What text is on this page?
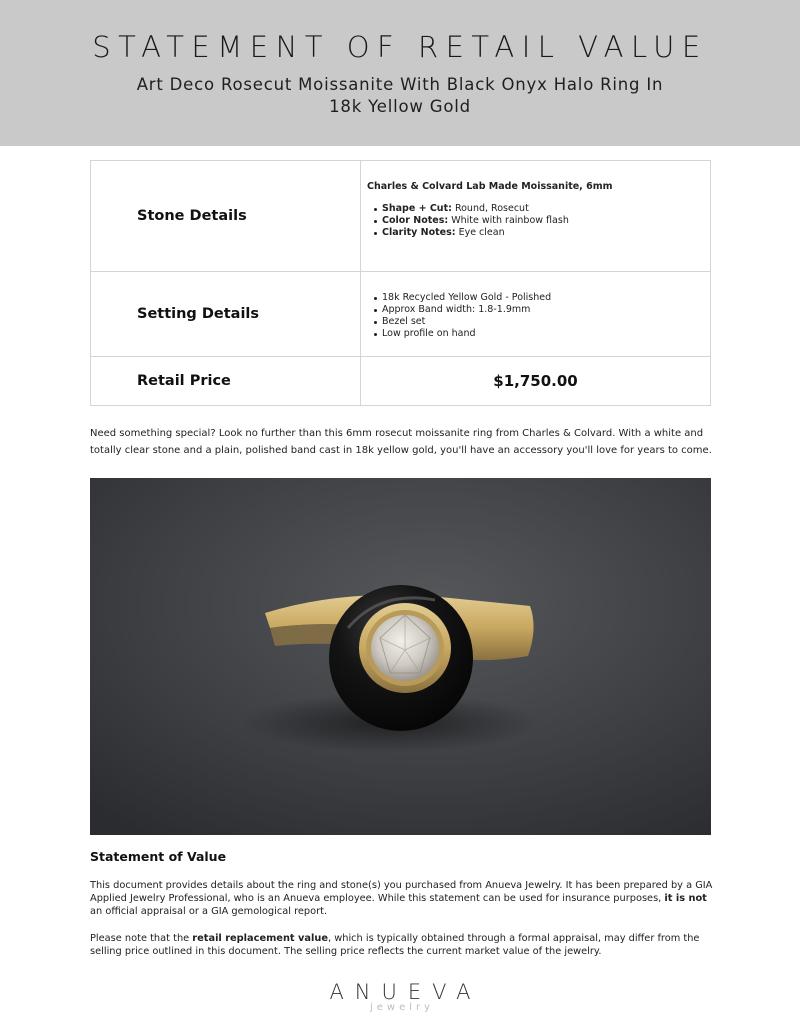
STATEMENT OF RETAIL VALUE
Art Deco Rosecut Moissanite With Black Onyx Halo Ring In 18k Yellow Gold
Stone Details
Charles & Colvard Lab Made Moissanite, 6mm
Shape + Cut: Round, Rosecut
Color Notes: White with rainbow flash
Clarity Notes: Eye clean
Setting Details
18k Recycled Yellow Gold - Polished
Approx Band width: 1.8-1.9mm
Bezel set
Low profile on hand
Retail Price	$1,750.00

Need something special? Look no further than this 6mm rosecut moissanite ring from Charles & Colvard. With a white and totally clear stone and a plain, polished band cast in 18k yellow gold, you'll have an accessory you'll love for years to come.

Statement of Value

This document provides details about the ring and stone(s) you purchased from Anueva Jewelry. It has been prepared by a GIA Applied Jewelry Professional, who is an Anueva employee. While this statement can be used for insurance purposes, it is not an official appraisal or a GIA gemological report.

Please note that the retail replacement value, which is typically obtained through a formal appraisal, may differ from the selling price outlined in this document. The selling price reflects the current market value of the jewelry.

ANUEVA
jewelry
